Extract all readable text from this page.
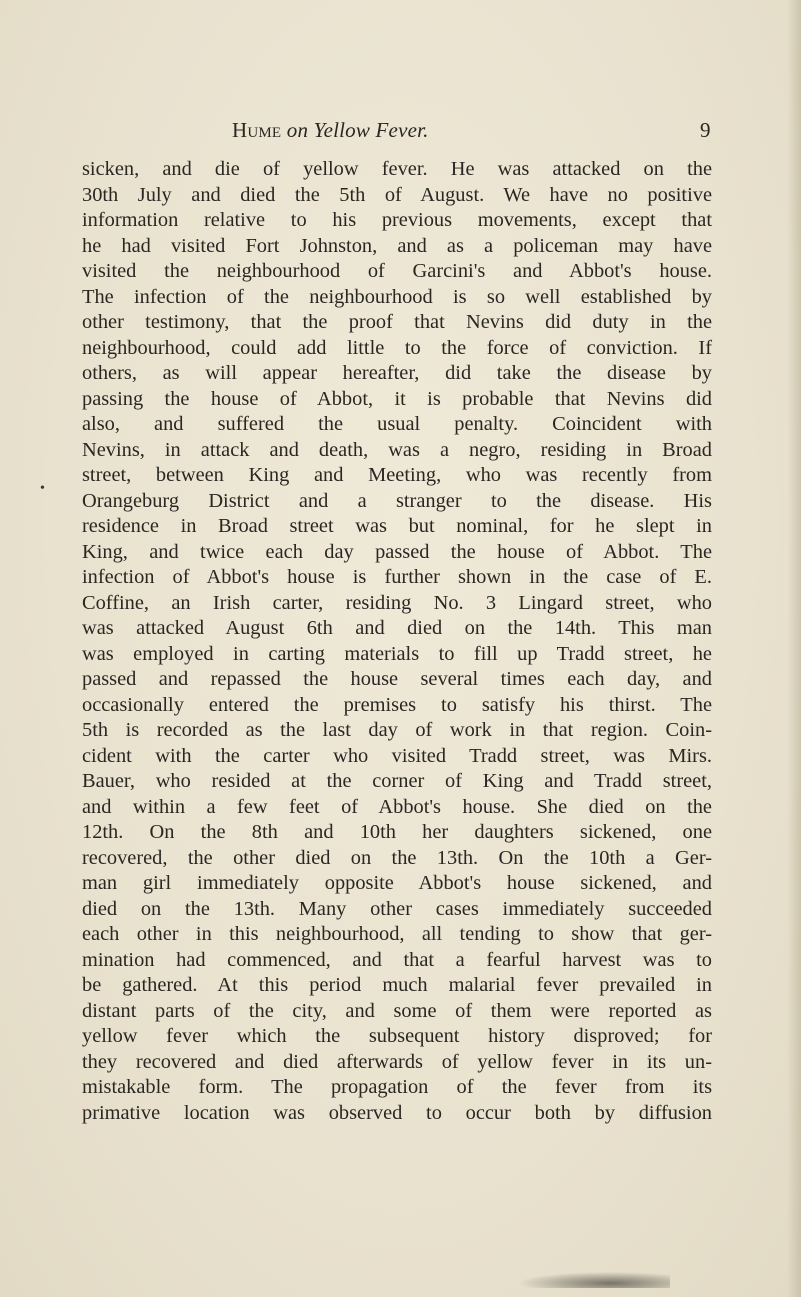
Hume on Yellow Fever.	9
•
sicken, and die of yellow fever. He was attacked on the
30th July and died the 5th of August. We have no positive
information relative to his previous movements, except that
he had visited Fort Johnston, and as a policeman may have
visited the neighbourhood of Garcini's and Abbot's house.
The infection of the neighbourhood is so well established by
other testimony, that the proof that Nevins did duty in the
neighbourhood, could add little to the force of conviction. If
others, as will appear hereafter, did take the disease by
passing the house of Abbot, it is probable that Nevins did
also, and suffered the usual penalty. Coincident with
Nevins, in attack and death, was a negro, residing in Broad
street, between King and Meeting, who was recently from
Orangeburg District and a stranger to the disease. His
residence in Broad street was but nominal, for he slept in
King, and twice each day passed the house of Abbot. The
infection of Abbot's house is further shown in the case of E.
Coffine, an Irish carter, residing No. 3 Lingard street, who
was attacked August 6th and died on the 14th. This man
was employed in carting materials to fill up Tradd street, he
passed and repassed the house several times each day, and
occasionally entered the premises to satisfy his thirst. The
5th is recorded as the last day of work in that region. Coin-
cident with the carter who visited Tradd street, was Mirs.
Bauer, who resided at the corner of King and Tradd street,
and within a few feet of Abbot's house. She died on the
12th. On the 8th and 10th her daughters sickened, one
recovered, the other died on the 13th. On the 10th a Ger-
man girl immediately opposite Abbot's house sickened, and
died on the 13th. Many other cases immediately succeeded
each other in this neighbourhood, all tending to show that ger-
mination had commenced, and that a fearful harvest was to
be gathered. At this period much malarial fever prevailed in
distant parts of the city, and some of them were reported as
yellow fever which the subsequent history disproved; for
they recovered and died afterwards of yellow fever in its un-
mistakable form. The propagation of the fever from its
primative location was observed to occur both by diffusion
